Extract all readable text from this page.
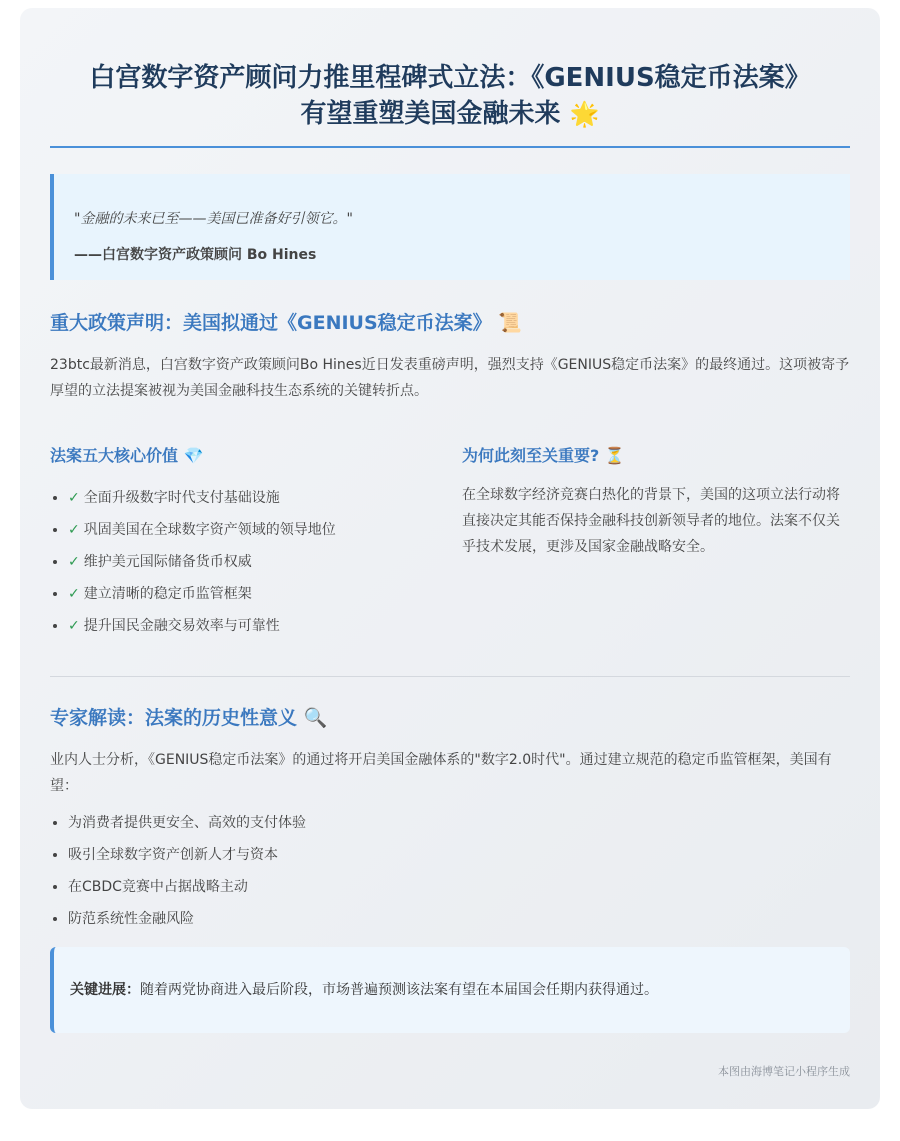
白宫数字资产顾问力推里程碑式立法：《GENIUS稳定币法案》
有望重塑美国金融未来 🌟
"金融的未来已至——美国已准备好引领它。"
——白宫数字资产政策顾问 Bo Hines
重大政策声明：美国拟通过《GENIUS稳定币法案》 📜
23btc最新消息，白宫数字资产政策顾问Bo Hines近日发表重磅声明，强烈支持《GENIUS稳定币法案》的最终通过。这项被寄予厚望的立法提案被视为美国金融科技生态系统的关键转折点。
法案五大核心价值 💎
• ✓ 全面升级数字时代支付基础设施
• ✓ 巩固美国在全球数字资产领域的领导地位
• ✓ 维护美元国际储备货币权威
• ✓ 建立清晰的稳定币监管框架
• ✓ 提升国民金融交易效率与可靠性
为何此刻至关重要? ⏳
在全球数字经济竞赛白热化的背景下，美国的这项立法行动将直接决定其能否保持金融科技创新领导者的地位。法案不仅关乎技术发展，更涉及国家金融战略安全。
专家解读：法案的历史性意义 🔍
业内人士分析，《GENIUS稳定币法案》的通过将开启美国金融体系的"数字2.0时代"。通过建立规范的稳定币监管框架，美国有望：
• 为消费者提供更安全、高效的支付体验
• 吸引全球数字资产创新人才与资本
• 在CBDC竞赛中占据战略主动
• 防范系统性金融风险
关键进展：随着两党协商进入最后阶段，市场普遍预测该法案有望在本届国会任期内获得通过。
本图由海博笔记小程序生成
